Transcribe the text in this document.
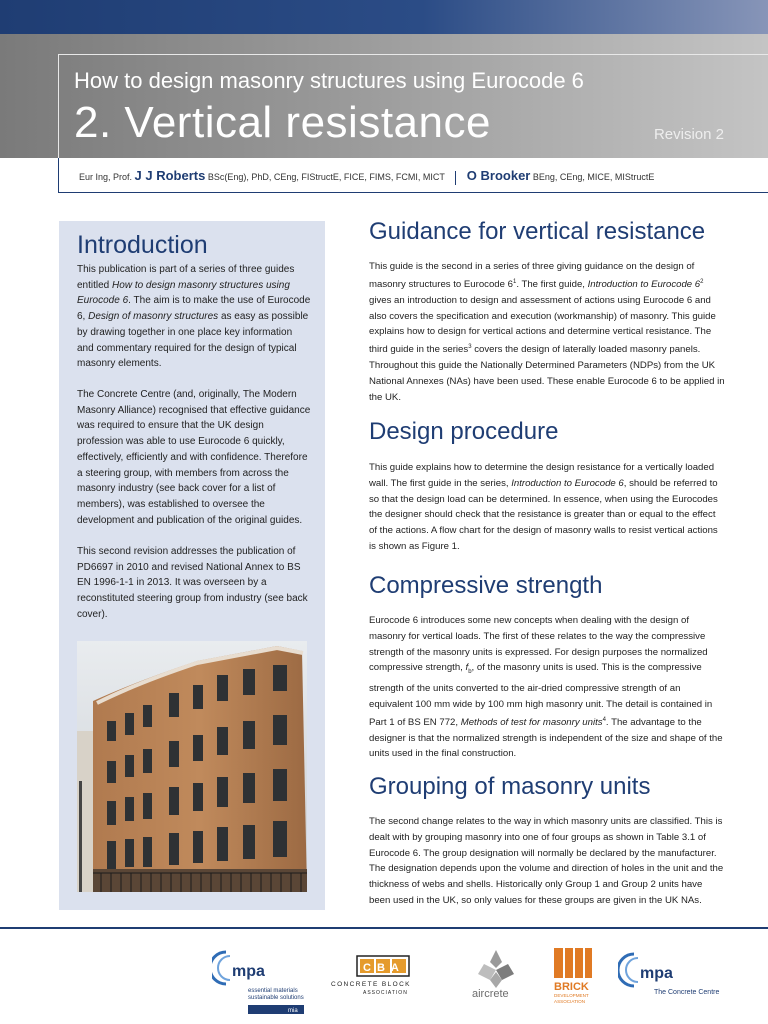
How to design masonry structures using Eurocode 6
2. Vertical resistance	Revision 2
Eur Ing, Prof. J J Roberts BSc(Eng), PhD, CEng, FIStructE, FICE, FIMS, FCMI, MICT O Brooker BEng, CEng, MICE, MIStructE
Introduction

This publication is part of a series of three guides entitled How to design masonry structures using Eurocode 6. The aim is to make the use of Eurocode 6, Design of masonry structures as easy as possible by drawing together in one place key information and commentary required for the design of typical masonry elements.

The Concrete Centre (and, originally, The Modern Masonry Alliance) recognised that effective guidance was required to ensure that the UK design profession was able to use Eurocode 6 quickly, effectively, efficiently and with confidence. Therefore a steering group, with members from across the masonry industry (see back cover for a list of members), was established to oversee the development and publication of the original guides.

This second revision addresses the publication of PD6697 in 2010 and revised National Annex to BS EN 1996-1-1 in 2013. It was overseen by a reconstituted steering group from industry (see back cover).

Guidance for vertical resistance

This guide is the second in a series of three giving guidance on the design of masonry structures to Eurocode $6^1$. The first guide, Introduction to Eurocode $6^2$ gives an introduction to design and assessment of actions using Eurocode 6 and also covers the specification and execution (workmanship) of masonry. This guide explains how to design for vertical actions and determine vertical resistance. The third guide in the series$^3$ covers the design of laterally loaded masonry panels. Throughout this guide the Nationally Determined Parameters (NDPs) from the UK National Annexes (NAs) have been used. These enable Eurocode 6 to be applied in the UK.

Design procedure

This guide explains how to determine the design resistance for a vertically loaded wall. The first guide in the series, Introduction to Eurocode 6, should be referred to so that the design load can be determined. In essence, when using the Eurocodes the designer should check that the resistance is greater than or equal to the effect of the actions. A flow chart for the design of masonry walls to resist vertical actions is shown as Figure 1.

Compressive strength

Eurocode 6 introduces some new concepts when dealing with the design of masonry for vertical loads. The first of these relates to the way the compressive strength of the masonry units is expressed. For design purposes the normalized compressive strength, $f_b$, of the masonry units is used. This is the compressive strength of the units converted to the air-dried compressive strength of an equivalent 100 mm wide by 100 mm high masonry unit. The detail is contained in Part 1 of BS EN 772, Methods of test for masonry units$^4$. The advantage to the designer is that the normalized strength is independent of the size and shape of the units used in the final construction.

Grouping of masonry units

The second change relates to the way in which masonry units are classified. This is dealt with by grouping masonry into one of four groups as shown in Table 3.1 of Eurocode 6. The group designation will normally be declared by the manufacturer. The designation depends upon the volume and direction of holes in the unit and the thickness of webs and shells. Historically only Group 1 and Group 2 units have been used in the UK, so only values for these groups are given in the UK NAs.

mpa
essential materials
sustainable solutions
mia
CBA
CONCRETE BLOCK
ASSOCIATION	aircrete
BRICK
DEVELOPMENT
ASSOCIATION
mpa
The Concrete Centre
